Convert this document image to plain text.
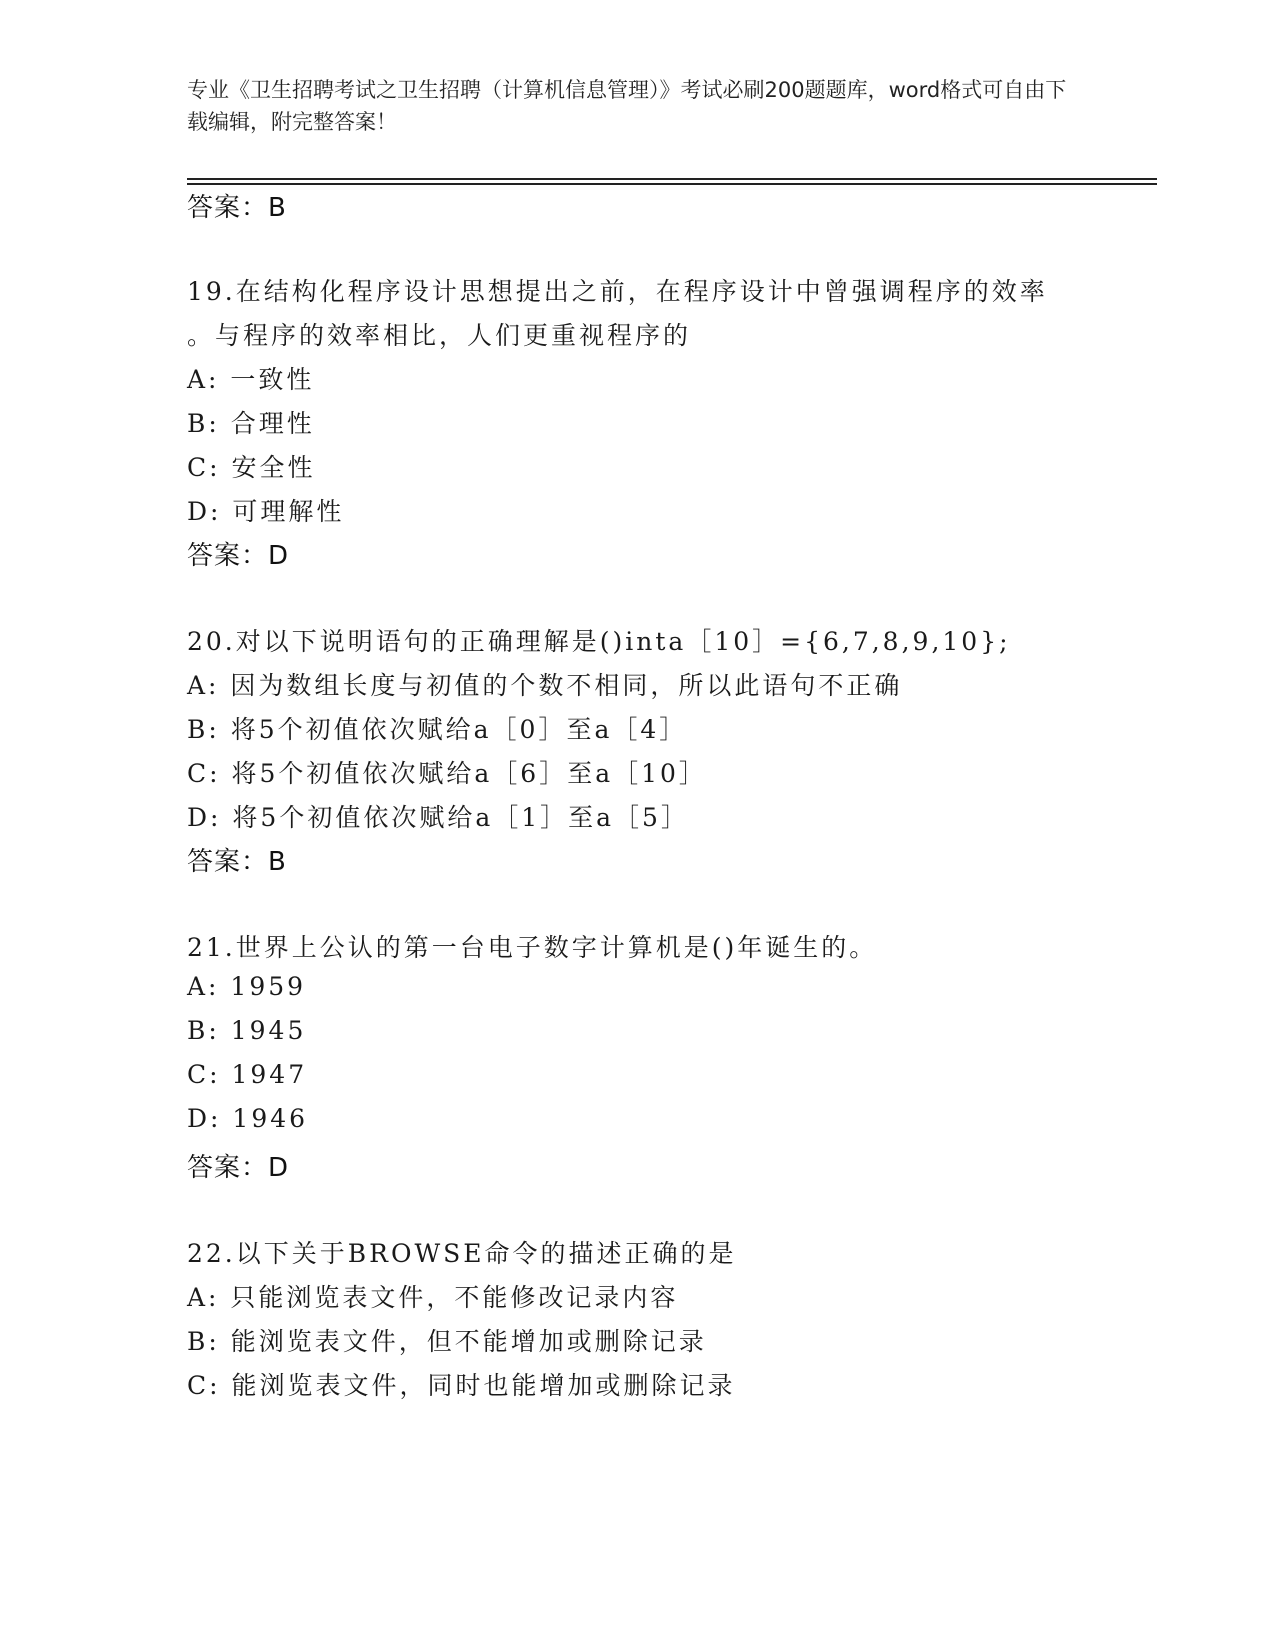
专业《卫生招聘考试之卫生招聘（计算机信息管理）》考试必刷200题题库，word格式可自由下载编辑，附完整答案！
答案：B
19.在结构化程序设计思想提出之前，在程序设计中曾强调程序的效率
。与程序的效率相比，人们更重视程序的
A: 一致性
B: 合理性
C: 安全性
D: 可理解性
答案：D
20.对以下说明语句的正确理解是()inta［10］={6,7,8,9,10};
A: 因为数组长度与初值的个数不相同，所以此语句不正确
B: 将5个初值依次赋给a［0］至a［4］
C: 将5个初值依次赋给a［6］至a［10］
D: 将5个初值依次赋给a［1］至a［5］
答案：B
21.世界上公认的第一台电子数字计算机是()年诞生的。
A: 1959
B: 1945
C: 1947
D: 1946
答案：D
22.以下关于BROWSE命令的描述正确的是
A: 只能浏览表文件，不能修改记录内容
B: 能浏览表文件，但不能增加或删除记录
C: 能浏览表文件，同时也能增加或删除记录
